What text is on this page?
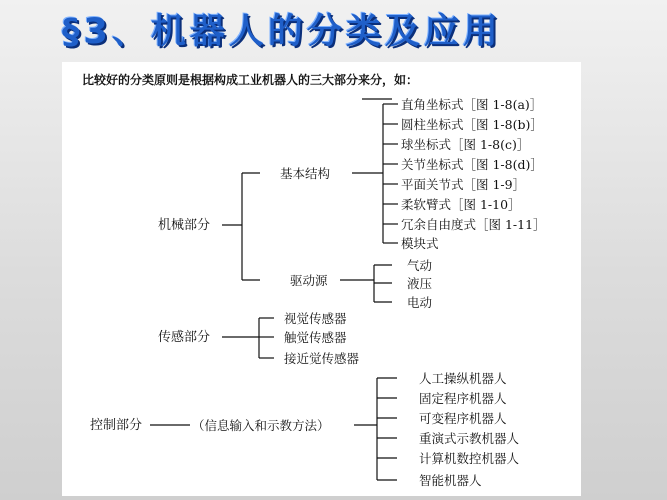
§3、机器人的分类及应用
比较好的分类原则是根据构成工业机器人的三大部分来分，如：
机械部分
基本结构
直角坐标式［图 1-8(a)］
圆柱坐标式［图 1-8(b)］
球坐标式［图 1-8(c)］
关节坐标式［图 1-8(d)］
平面关节式［图 1-9］
柔软臂式［图 1-10］
冗余自由度式［图 1-11］
模块式
驱动源
气动
液压
电动
传感部分
视觉传感器
触觉传感器
接近觉传感器
控制部分	（信息输入和示教方法）
人工操纵机器人
固定程序机器人
可变程序机器人
重演式示教机器人
计算机数控机器人
智能机器人
